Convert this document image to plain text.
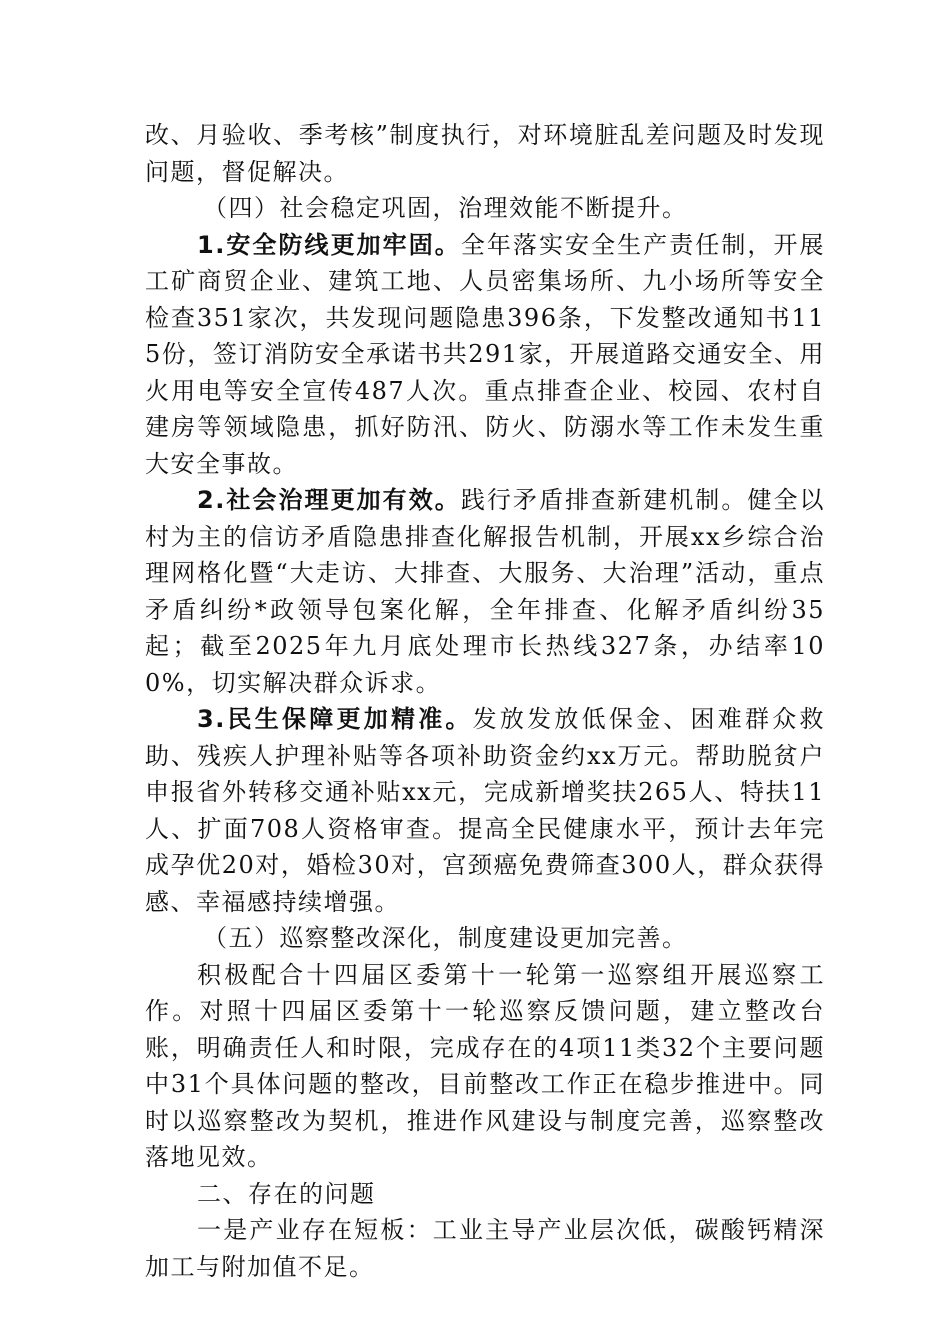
改、月验收、季考核”制度执行，对环境脏乱差问题及时发现问题，督促解决。

（四）社会稳定巩固，治理效能不断提升。

1.安全防线更加牢固。全年落实安全生产责任制，开展工矿商贸企业、建筑工地、人员密集场所、九小场所等安全检查351家次，共发现问题隐患396条，下发整改通知书115份，签订消防安全承诺书共291家，开展道路交通安全、用火用电等安全宣传487人次。重点排查企业、校园、农村自建房等领域隐患，抓好防汛、防火、防溺水等工作未发生重大安全事故。

2.社会治理更加有效。践行矛盾排查新建机制。健全以村为主的信访矛盾隐患排查化解报告机制，开展xx乡综合治理网格化暨“大走访、大排查、大服务、大治理”活动，重点矛盾纠纷*政领导包案化解，全年排查、化解矛盾纠纷35起；截至2025年九月底处理市长热线327条，办结率100%，切实解决群众诉求。

3.民生保障更加精准。发放发放低保金、困难群众救助、残疾人护理补贴等各项补助资金约xx万元。帮助脱贫户申报省外转移交通补贴xx元，完成新增奖扶265人、特扶11人、扩面708人资格审查。提高全民健康水平，预计去年完成孕优20对，婚检30对，宫颈癌免费筛查300人，群众获得感、幸福感持续增强。

（五）巡察整改深化，制度建设更加完善。

积极配合十四届区委第十一轮第一巡察组开展巡察工作。对照十四届区委第十一轮巡察反馈问题，建立整改台账，明确责任人和时限，完成存在的4项11类32个主要问题中31个具体问题的整改，目前整改工作正在稳步推进中。同时以巡察整改为契机，推进作风建设与制度完善，巡察整改落地见效。

二、存在的问题

一是产业存在短板：工业主导产业层次低，碳酸钙精深加工与附加值不足。
